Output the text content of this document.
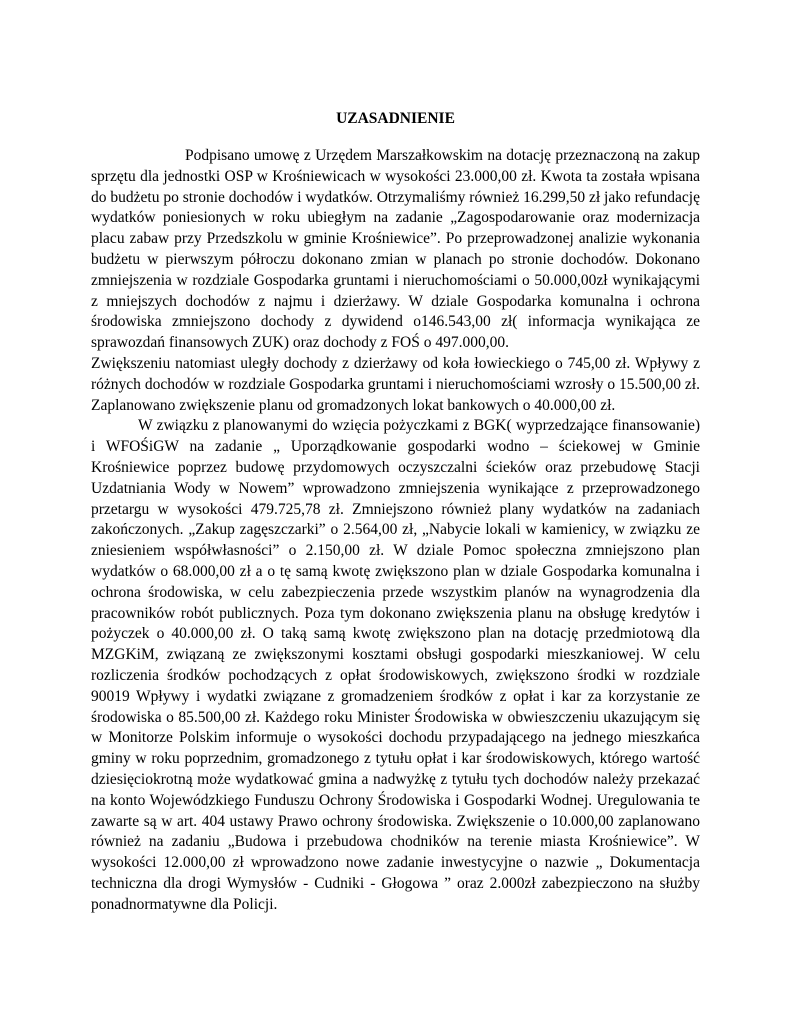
UZASADNIENIE

Podpisano umowę z Urzędem Marszałkowskim na dotację przeznaczoną na zakup sprzętu dla jednostki OSP w Krośniewicach w wysokości 23.000,00 zł. Kwota ta została wpisana do budżetu po stronie dochodów i wydatków. Otrzymaliśmy również 16.299,50 zł jako refundację wydatków poniesionych w roku ubiegłym na zadanie „Zagospodarowanie oraz modernizacja placu zabaw przy Przedszkolu w gminie Krośniewice”. Po przeprowadzonej analizie wykonania budżetu w pierwszym półroczu dokonano zmian w planach po stronie dochodów. Dokonano zmniejszenia w rozdziale Gospodarka gruntami i nieruchomościami o 50.000,00zł wynikającymi z mniejszych dochodów z najmu i dzierżawy. W dziale Gospodarka komunalna i ochrona środowiska zmniejszono dochody z dywidend o146.543,00 zł( informacja wynikająca ze sprawozdań finansowych ZUK) oraz dochody z FOŚ o 497.000,00.

Zwiększeniu natomiast uległy dochody z dzierżawy od koła łowieckiego o 745,00 zł. Wpływy z różnych dochodów w rozdziale Gospodarka gruntami i nieruchomościami wzrosły o 15.500,00 zł. Zaplanowano zwiększenie planu od gromadzonych lokat bankowych o 40.000,00 zł.

W związku z planowanymi do wzięcia pożyczkami z BGK( wyprzedzające finansowanie) i WFOŚiGW na zadanie „ Uporządkowanie gospodarki wodno – ściekowej w Gminie Krośniewice poprzez budowę przydomowych oczyszczalni ścieków oraz przebudowę Stacji Uzdatniania Wody w Nowem” wprowadzono zmniejszenia wynikające z przeprowadzonego przetargu w wysokości 479.725,78 zł. Zmniejszono również plany wydatków na zadaniach zakończonych. „Zakup zagęszczarki” o 2.564,00 zł, „Nabycie lokali w kamienicy, w związku ze zniesieniem współwłasności” o 2.150,00 zł. W dziale Pomoc społeczna zmniejszono plan wydatków o 68.000,00 zł a o tę samą kwotę zwiększono plan w dziale Gospodarka komunalna i ochrona środowiska, w celu zabezpieczenia przede wszystkim planów na wynagrodzenia dla pracowników robót publicznych. Poza tym dokonano zwiększenia planu na obsługę kredytów i pożyczek o 40.000,00 zł. O taką samą kwotę zwiększono plan na dotację przedmiotową dla MZGKiM, związaną ze zwiększonymi kosztami obsługi gospodarki mieszkaniowej. W celu rozliczenia środków pochodzących z opłat środowiskowych, zwiększono środki w rozdziale 90019 Wpływy i wydatki związane z gromadzeniem środków z opłat i kar za korzystanie ze środowiska o 85.500,00 zł. Każdego roku Minister Środowiska w obwieszczeniu ukazującym się w Monitorze Polskim informuje o wysokości dochodu przypadającego na jednego mieszkańca gminy w roku poprzednim, gromadzonego z tytułu opłat i kar środowiskowych, którego wartość dziesięciokrotną może wydatkować gmina a nadwyżkę z tytułu tych dochodów należy przekazać na konto Wojewódzkiego Funduszu Ochrony Środowiska i Gospodarki Wodnej. Uregulowania te zawarte są w art. 404 ustawy Prawo ochrony środowiska. Zwiększenie o 10.000,00 zaplanowano również na zadaniu „Budowa i przebudowa chodników na terenie miasta Krośniewice”. W wysokości 12.000,00 zł wprowadzono nowe zadanie inwestycyjne o nazwie „ Dokumentacja techniczna dla drogi Wymysłów - Cudniki - Głogowa ” oraz 2.000zł zabezpieczono na służby ponadnormatywne dla Policji.
